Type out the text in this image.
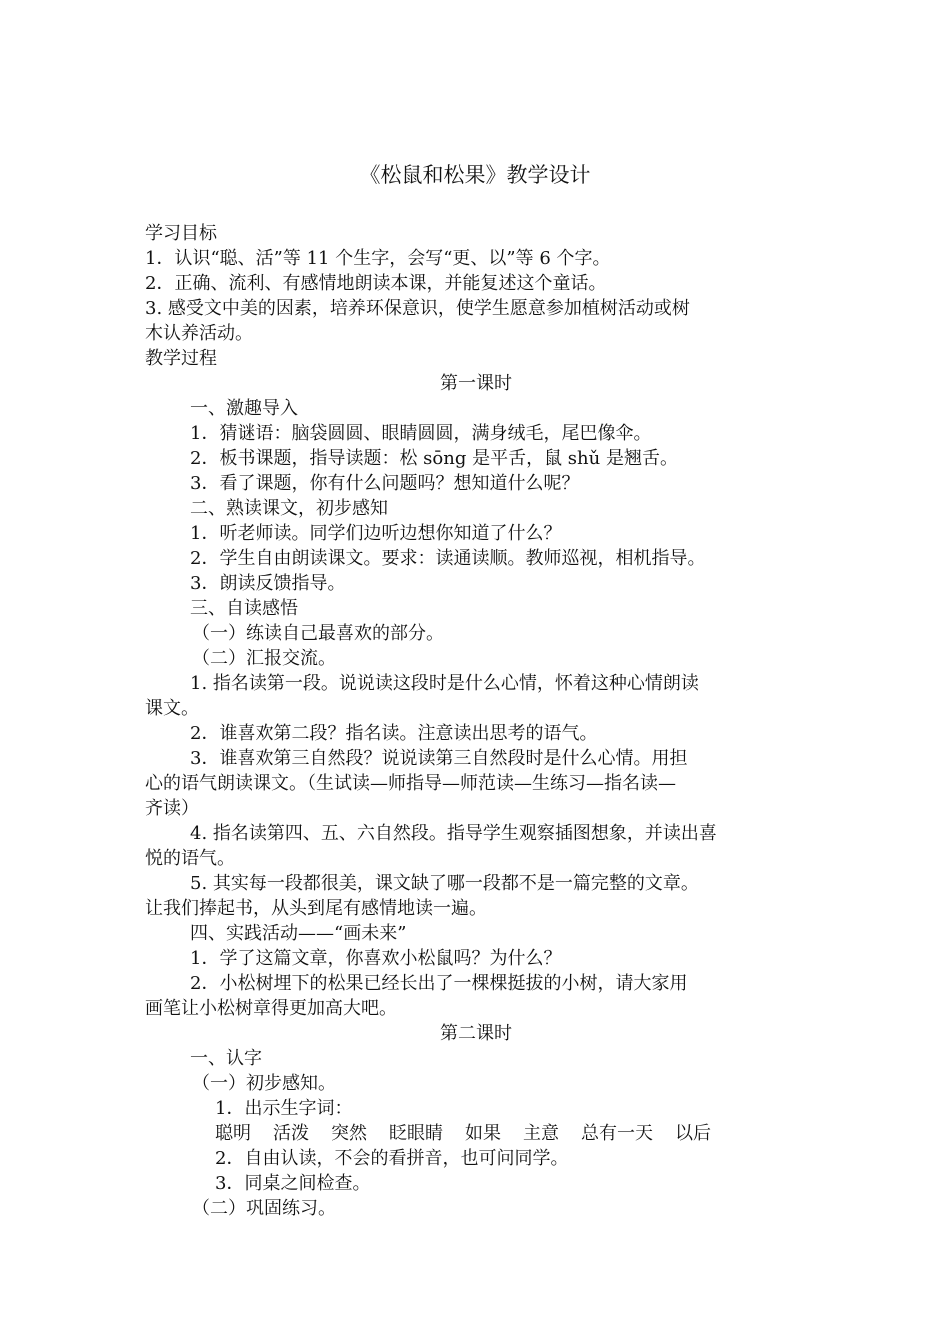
《松鼠和松果》教学设计
学习目标
1．认识“聪、活”等 11 个生字，会写“更、以”等 6 个字。
2．正确、流利、有感情地朗读本课，并能复述这个童话。
3. 感受文中美的因素，培养环保意识，使学生愿意参加植树活动或树
木认养活动。
教学过程
第一课时
一、激趣导入
1．猜谜语：脑袋圆圆、眼睛圆圆，满身绒毛，尾巴像伞。
2．板书课题，指导读题：松 sōng 是平舌，鼠 shǔ 是翘舌。
3．看了课题，你有什么问题吗？想知道什么呢？
二、熟读课文，初步感知
1．听老师读。同学们边听边想你知道了什么？
2．学生自由朗读课文。要求：读通读顺。教师巡视，相机指导。
3．朗读反馈指导。
三、自读感悟
（一）练读自己最喜欢的部分。
（二）汇报交流。
1. 指名读第一段。说说读这段时是什么心情，怀着这种心情朗读
课文。
2．谁喜欢第二段？指名读。注意读出思考的语气。
3．谁喜欢第三自然段？说说读第三自然段时是什么心情。用担
心的语气朗读课文。（生试读—师指导—师范读—生练习—指名读—
齐读）
4. 指名读第四、五、六自然段。指导学生观察插图想象，并读出喜
悦的语气。
5. 其实每一段都很美，课文缺了哪一段都不是一篇完整的文章。
让我们捧起书，从头到尾有感情地读一遍。
四、实践活动——“画未来”
1．学了这篇文章，你喜欢小松鼠吗？为什么？
2．小松树埋下的松果已经长出了一棵棵挺拔的小树，请大家用
画笔让小松树章得更加高大吧。
第二课时
一、认字
（一）初步感知。
1．出示生字词：
聪明 活泼 突然 眨眼睛 如果 主意 总有一天 以后
2．自由认读，不会的看拼音，也可问同学。
3．同桌之间检查。
（二）巩固练习。
